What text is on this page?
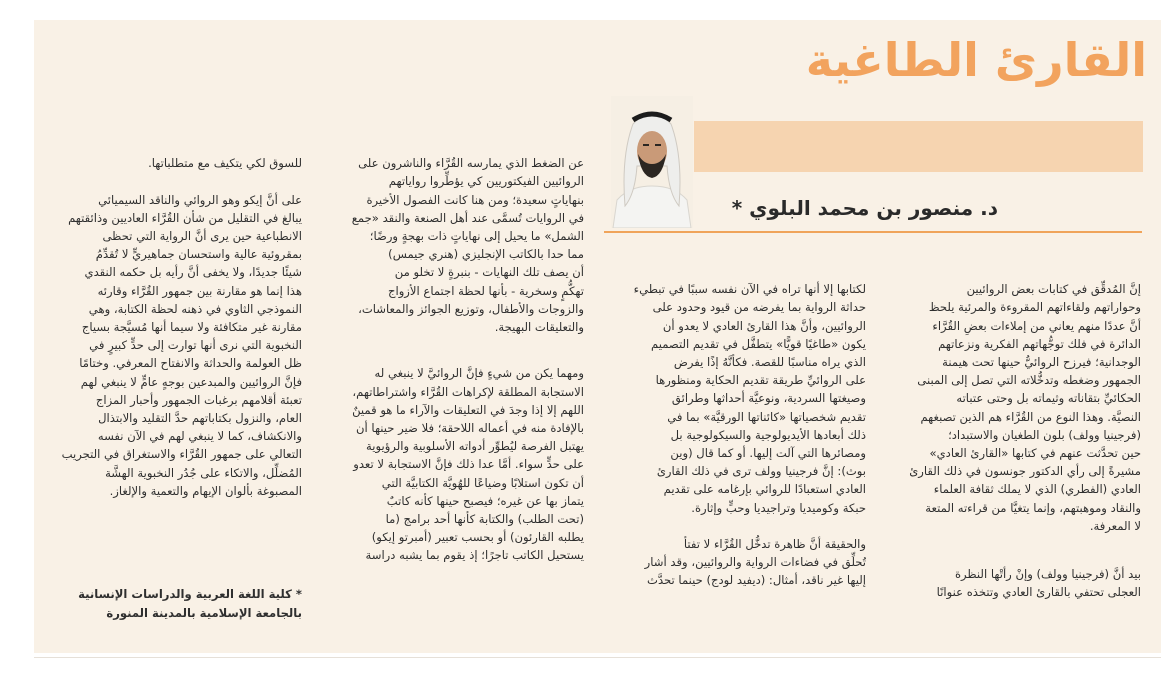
القارئ الطاغية
د. منصور بن محمد البلوي *

إنَّ المُدقِّق في كتابات بعض الروائيين
وحواراتهم ولقاءاتهم المقروءة والمرئية يلحظ
أنَّ عددًا منهم يعاني من إملاءات بعضِ القُرَّاء
الدائرة في فلك توجُّهاتهم الفكرية ونزعاتهم
الوجدانية؛ فيرزح الروائيُّ حينها تحت هيمنة
الجمهور وضغطه وتدخُّلاته التي تصل إلى المبنى
الحكائيِّ بتقاناته وثيماته بل وحتى عتباته
النصيَّة. وهذا النوع من القُرَّاء هم الذين تصبغهم
(فرجينيا وولف) بلون الطغيان والاستبداد؛
حين تحدَّثت عنهم في كتابها «القارئ العادي»
مشيرةً إلى رأي الدكتور جونسون في ذلك القارئ
العادي (الفطري) الذي لا يملك ثقافة العلماء
والنقاد وموهبتهم، وإنما يتغيَّا من قراءته المتعة
لا المعرفة.

بيد أنَّ (فرجينيا وولف) وإنْ رأتْها النظرة
العجلى تحتفي بالقارئ العادي وتتخذه عنوانًا

لكتابها إلا أنها تراه في الآن نفسه سببًا في تبطيء
حداثة الرواية بما يفرضه من قيود وحدود على
الروائيين، وأنَّ هذا القارئ العادي لا يعدو أن
يكون «طاغيًا قويًّا» يتطفَّل في تقديم التصميم
الذي يراه مناسبًا للقصة. فكأنَّهُ إذًا يفرض
على الروائيِّ طريقة تقديم الحكاية ومنظورها
وصيغتها السردية، ونوعيَّة أحداثها وطرائق
تقديم شخصياتها «كائناتها الورقيَّة» بما في
ذلك أبعادها الأيديولوجية والسيكولوجية بل
ومصائرها التي آلت إليها. أو كما قال (وين
بوث): إنَّ فرجينيا وولف ترى في ذلك القارئ
العادي استعبادًا للروائي بإرغامه على تقديم
حبكة وكوميديا وتراجيديا وحبٍّ وإثارة.

والحقيقة أنَّ ظاهرة تدخُّل القُرَّاء لا تفتأ
تُحلِّق في فضاءات الرواية والروائيين، وقد أشار
إليها غير ناقد، أمثال: (ديفيد لودج) حينما تحدَّث

عن الضغط الذي يمارسه القُرَّاء والناشرون على
الروائيين الفيكتوريين كي يؤطِّروا رواياتهم
بنهاياتٍ سعيدة؛ ومن هنا كانت الفصول الأخيرة
في الروايات تُسمَّى عند أهل الصنعة والنقد «جمع
الشمل» ما يحيل إلى نهاياتٍ ذات بهجةٍ ورضًا؛
مما حدا بالكاتب الإنجليزي (هنري جيمس)
أن يصف تلك النهايات - بنبرةٍ لا تخلو من
تهكُّمٍ وسخرية - بأنها لحظة اجتماع الأزواج
والزوجات والأطفال، وتوزيع الجوائز والمعاشات،
والتعليقات البهيجة.

ومهما يكن من شيءٍ فإنَّ الروائيَّ لا ينبغي له
الاستجابة المطلقة لإكراهات القُرَّاء واشتراطاتهم،
اللهم إلا إذا وجدَ في التعليقات والآراء ما هو قمينٌ
بالإفادة منه في أعماله اللاحقة؛ فلا ضير حينها أن
يهتبل الفرصة ليُطوِّر أدواته الأسلوبية والرؤيوية
على حدٍّ سواء. أمَّا عدا ذلك فإنَّ الاستجابة لا تعدو
أن تكون استلابًا وضياعًا للهُويَّة الكتابيَّة التي
يتماز بها عن غيره؛ فيصبح حينها كأنه كاتبٌ
(تحت الطلب) والكتابة كأنها أحد برامج (ما
يطلبه القارئون) أو بحسب تعبير (أمبرتو إيكو)
يستحيل الكاتب تاجرًا؛ إذ يقوم بما يشبه دراسة

للسوق لكي يتكيف مع متطلباتها.

على أنَّ إيكو وهو الروائي والناقد السيميائي
يبالغ في التقليل من شأن القُرَّاء العاديين وذائقتهم
الانطباعية حين يرى أنَّ الرواية التي تحظى
بمقروئية عالية واستحسان جماهيريٍّ لا تُقدِّمُ
شيئًا جديدًا، ولا يخفى أنَّ رأيه بل حكمه النقدي
هذا إنما هو مقارنة بين جمهور القُرَّاء وقارئه
النموذجي الثاوي في ذهنه لحظة الكتابة، وهي
مقارنة غير متكافئة ولا سيما أنها مُسيَّجة بسياج
النخبوية التي نرى أنها توارت إلى حدٍّ كبيرٍ في
ظل العولمة والحداثة والانفتاح المعرفي. وختامًا
فإنَّ الروائيين والمبدعين بوجهٍ عامٍّ لا ينبغي لهم
تعبئة أقلامهم برغبات الجمهور وأحبار المزاج
العام، والنزول بكتاباتهم حدَّ التقليد والابتذال
والانكشاف، كما لا ينبغي لهم في الآن نفسه
التعالي على جمهور القُرَّاء والاستغراق في التجريب
المُضلِّل، والاتكاء على جُدُر النخبوية الهشَّة
المصبوغة بألوان الإيهام والتعمية والإلغاز.

* كلية اللغة العربية والدراسات الإنسانية
بالجامعة الإسلامية بالمدينة المنورة
